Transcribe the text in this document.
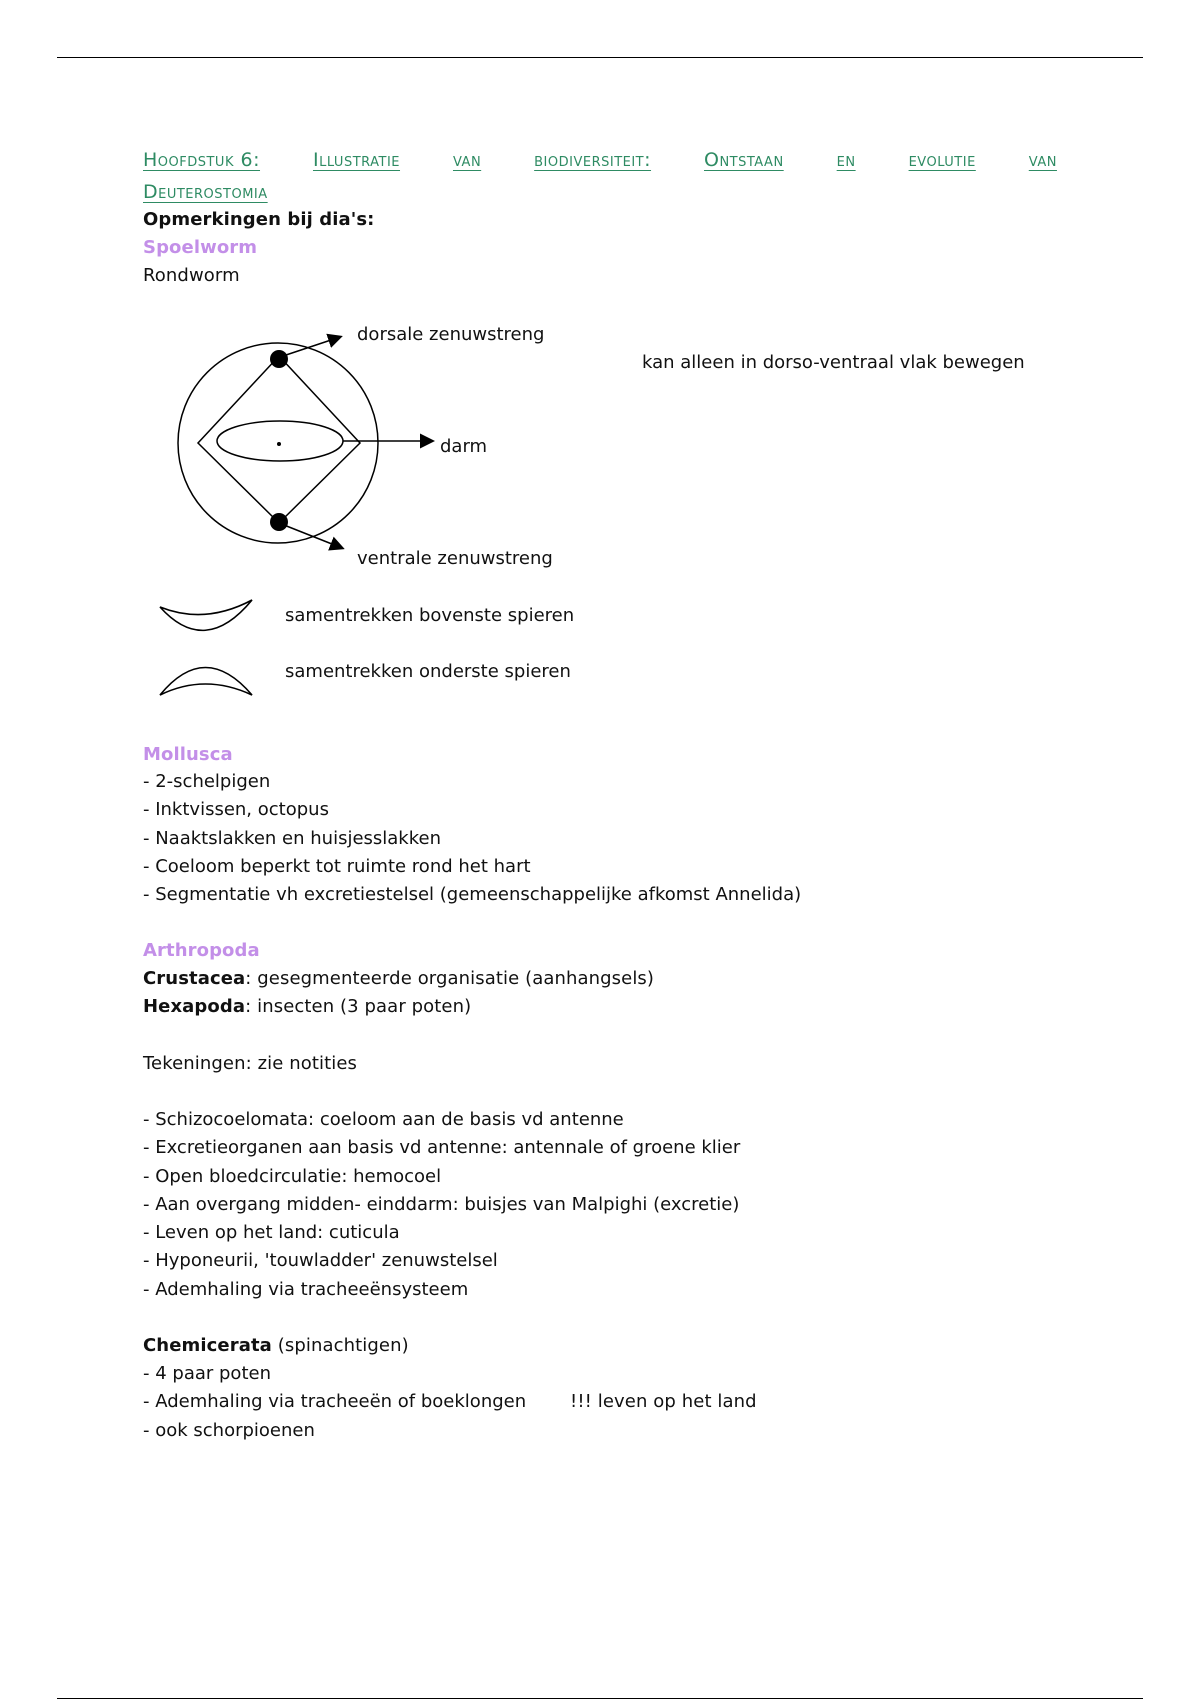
Hoofdstuk 6:	Illustratie	van	biodiversiteit:	Ontstaan	en	evolutie	van
Deuterostomia
Opmerkingen bij dia's:
Spoelworm
Rondworm
dorsale zenuwstreng
darm
ventrale zenuwstreng
kan alleen in dorso-ventraal vlak bewegen
samentrekken bovenste spieren
samentrekken onderste spieren
Mollusca
- 2-schelpigen
- Inktvissen, octopus
- Naaktslakken en huisjesslakken
- Coeloom beperkt tot ruimte rond het hart
- Segmentatie vh excretiestelsel (gemeenschappelijke afkomst Annelida)
Arthropoda
Crustacea: gesegmenteerde organisatie (aanhangsels)
Hexapoda: insecten (3 paar poten)
Tekeningen: zie notities
- Schizocoelomata: coeloom aan de basis vd antenne
- Excretieorganen aan basis vd antenne: antennale of groene klier
- Open bloedcirculatie: hemocoel
- Aan overgang midden- einddarm: buisjes van Malpighi (excretie)
- Leven op het land: cuticula
- Hyponeurii, 'touwladder' zenuwstelsel
- Ademhaling via tracheeënsysteem
Chemicerata (spinachtigen)
- 4 paar poten
- Ademhaling via tracheeën of boeklongen
- ook schorpioenen
!!! leven op het land
